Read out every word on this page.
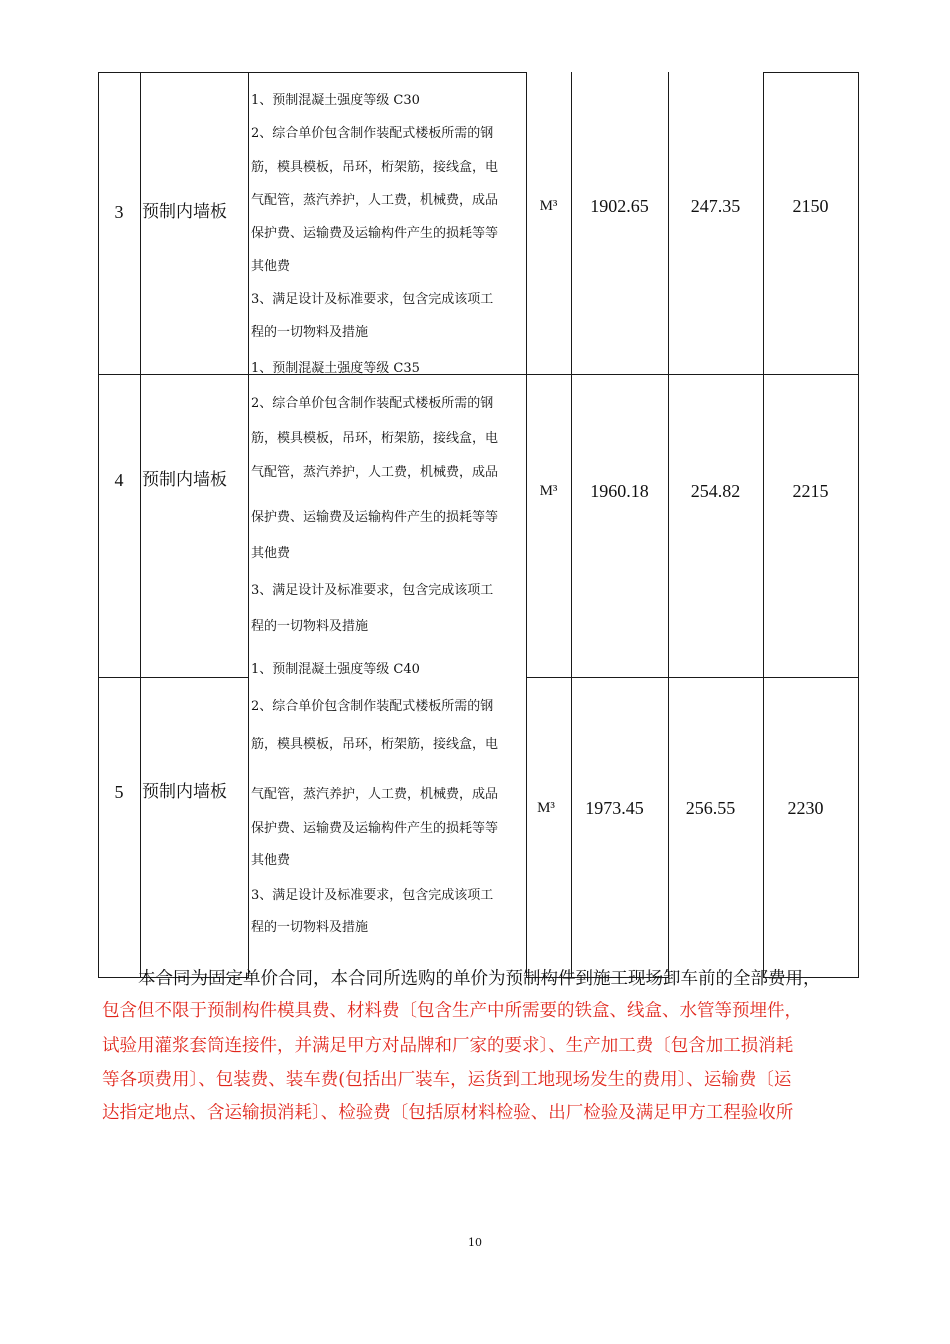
3	预制内墙板
1、预制混凝土强度等级 C30
2、综合单价包含制作装配式楼板所需的钢
筋，模具模板，吊环，桁架筋，接线盒，电
气配管，蒸汽养护，人工费，机械费，成品
保护费、运输费及运输构件产生的损耗等等
其他费
3、满足设计及标准要求，包含完成该项工
程的一切物料及措施
M³	1902.65	247.35	2150
4	预制内墙板
1、预制混凝土强度等级 C35
2、综合单价包含制作装配式楼板所需的钢
筋，模具模板，吊环，桁架筋，接线盒，电
气配管，蒸汽养护，人工费，机械费，成品
保护费、运输费及运输构件产生的损耗等等
其他费
3、满足设计及标准要求，包含完成该项工
程的一切物料及措施
M³	1960.18	254.82	2215
5	预制内墙板
1、预制混凝土强度等级 C40
2、综合单价包含制作装配式楼板所需的钢
筋，模具模板，吊环，桁架筋，接线盒，电
气配管，蒸汽养护，人工费，机械费，成品
保护费、运输费及运输构件产生的损耗等等
其他费
3、满足设计及标准要求，包含完成该项工
程的一切物料及措施
M³	1973.45	256.55	2230
本合同为固定单价合同，本合同所选购的单价为预制构件到施工现场卸车前的全部费用，
包含但不限于预制构件模具费、材料费〔包含生产中所需要的铁盒、线盒、水管等预埋件，
试验用灌浆套筒连接件，并满足甲方对品牌和厂家的要求〕、生产加工费〔包含加工损消耗
等各项费用〕、包装费、装车费(包括出厂装车，运货到工地现场发生的费用〕、运输费〔运
达指定地点、含运输损消耗〕、检验费〔包括原材料检验、出厂检验及满足甲方工程验收所
10
